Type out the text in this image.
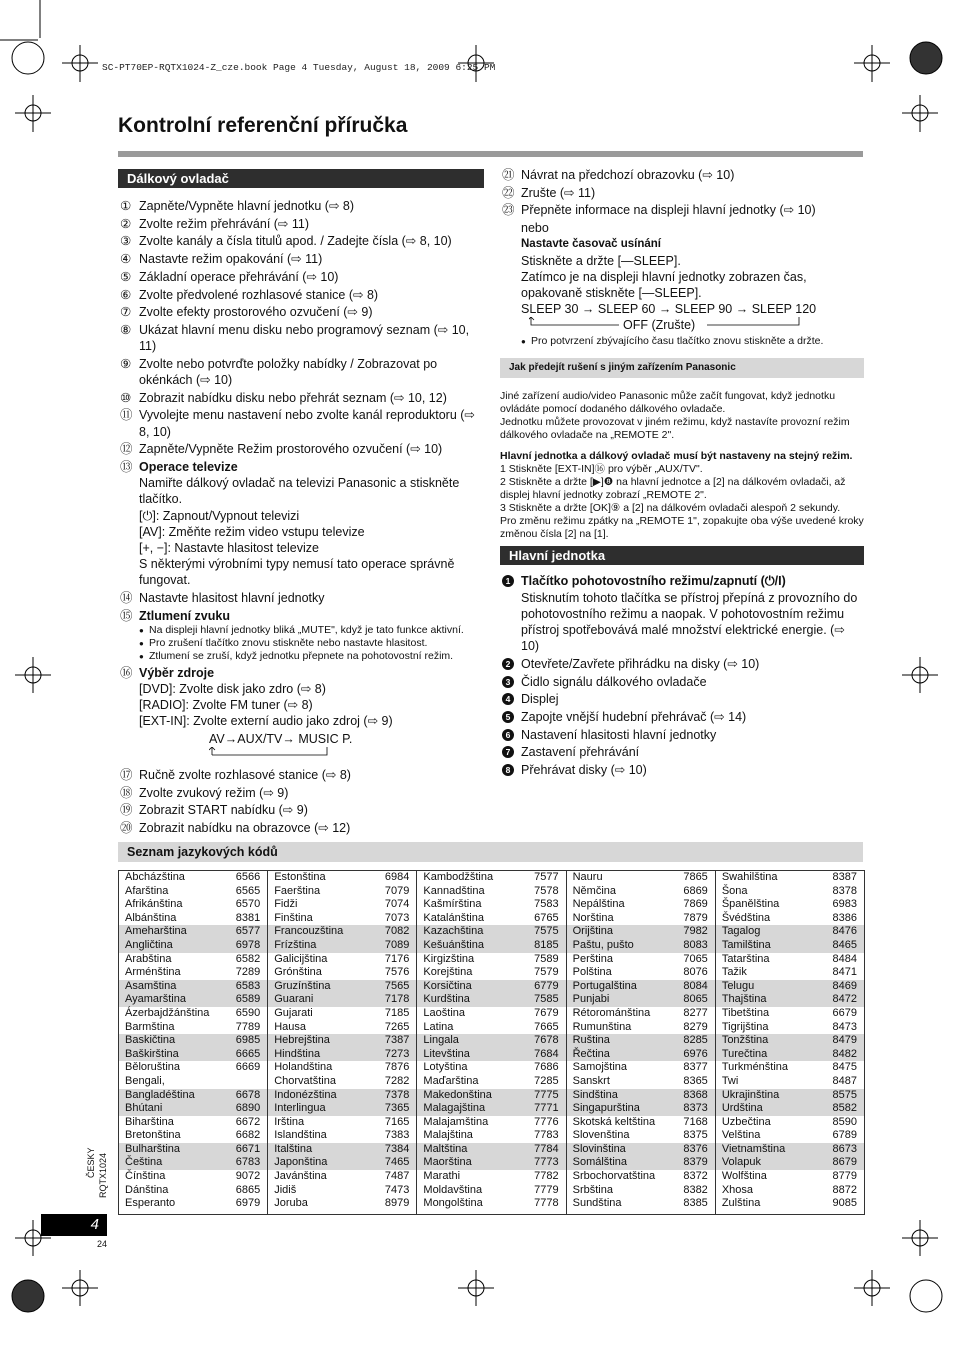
SC-PT70EP-RQTX1024-Z_cze.book Page 4 Tuesday, August 18, 2009 6:25 PM
Kontrolní referenční příručka
Dálkový ovladač
① Zapněte/Vypněte hlavní jednotku (⇨ 8)
② Zvolte režim přehrávání (⇨ 11)
③ Zvolte kanály a čísla titulů apod. / Zadejte čísla (⇨ 8, 10)
④ Nastavte režim opakování (⇨ 11)
⑤ Základní operace přehrávání (⇨ 10)
⑥ Zvolte předvolené rozhlasové stanice (⇨ 8)
⑦ Zvolte efekty prostorového ozvučení (⇨ 9)
⑧ Ukázat hlavní menu disku nebo programový seznam (⇨ 10, 11)
⑨ Zvolte nebo potvrďte položky nabídky / Zobrazovat po okénkách (⇨ 10)
⑩ Zobrazit nabídku disku nebo přehrát seznam (⇨ 10, 12)
⑪ Vyvolejte menu nastavení nebo zvolte kanál reproduktoru (⇨ 8, 10)
⑫ Zapněte/Vypněte Režim prostorového ozvučení (⇨ 10)
⑬ Operace televize
Namiřte dálkový ovladač na televizi Panasonic a stiskněte tlačítko.
[⏻]: Zapnout/Vypnout televizi
[AV]: Změňte režim video vstupu televize
[+, −]: Nastavte hlasitost televize
S některými výrobními typy nemusí tato operace správně fungovat.
⑭ Nastavte hlasitost hlavní jednotky
⑮ Ztlumení zvuku
● Na displeji hlavní jednotky bliká „MUTE", když je tato funkce aktivní.
● Pro zrušení tlačítko znovu stiskněte nebo nastavte hlasitost.
● Ztlumení se zruší, když jednotku přepnete na pohotovostní režim.
⑯ Výběr zdroje
[DVD]: Zvolte disk jako zdro (⇨ 8)
[RADIO]: Zvolte FM tuner (⇨ 8)
[EXT-IN]: Zvolte externí audio jako zdroj (⇨ 9)
AV→AUX/TV→ MUSIC P.
⑰ Ručně zvolte rozhlasové stanice (⇨ 8)
⑱ Zvolte zvukový režim (⇨ 9)
⑲ Zobrazit START nabídku (⇨ 9)
⑳ Zobrazit nabídku na obrazovce (⇨ 12)
㉑ Návrat na předchozí obrazovku (⇨ 10)
㉒ Zrušte (⇨ 11)
㉓ Přepněte informace na displeji hlavní jednotky (⇨ 10)
nebo
Nastavte časovač usínání
Stiskněte a držte [—SLEEP].
Zatímco je na displeji hlavní jednotky zobrazen čas, opakovaně stiskněte [—SLEEP].
SLEEP 30 → SLEEP 60 → SLEEP 90 → SLEEP 120
OFF (Zrušte)
● Pro potvrzení zbývajícího času tlačítko znovu stiskněte a držte.
Jak předejít rušení s jiným zařízením Panasonic

Jiné zařízení audio/video Panasonic může začít fungovat, když jednotku ovládáte pomocí dodaného dálkového ovladače.

Jednotku můžete provozovat v jiném režimu, když nastavíte provozní režim dálkového ovladače na „REMOTE 2".

Hlavní jednotka a dálkový ovladač musí být nastaveny na stejný režim.

1 Stiskněte [EXT-IN]⑯ pro výběr „AUX/TV".

2 Stiskněte a držte [▶]❽ na hlavní jednotce a [2] na dálkovém ovladači, až displej hlavní jednotky zobrazí „REMOTE 2".

3 Stiskněte a držte [OK]⑨ a [2] na dálkovém ovladači alespoň 2 sekundy.

Pro změnu režimu zpátky na „REMOTE 1", zopakujte oba výše uvedené kroky změnou čísla [2] na [1].

Hlavní jednotka
1 Tlačítko pohotovostního režimu/zapnutí (⏻/I)
Stisknutím tohoto tlačítka se přístroj přepíná z provozního do pohotovostního režimu a naopak. V pohotovostním režimu přístroj spotřebovává malé množství elektrické energie. (⇨ 10)
2 Otevřete/Zavřete přihrádku na disky (⇨ 10)
3 Čidlo signálu dálkového ovladače
4 Displej
5 Zapojte vnější hudební přehrávač (⇨ 14)
6 Nastavení hlasitosti hlavní jednotky
7 Zastavení přehrávání
8 Přehrávat disky (⇨ 10)
Seznam jazykových kódů
Abcházština	6566
Afarština	6565
Afrikánština	6570
Albánština	8381
Ameharština	6577
Angličtina	6978
Arabština	6582
Arménština	7289
Asamština	6583
Ayamarština	6589
Ázerbajdžánština 6590
Barmština	7789
Baskičtina	6985
Baškirština	6665
Běloruština	6669
Bengali,
Bangladéština	6678
Bhútani	6890
Biharština	6672
Bretonština	6682
Bulharština	6671
Čeština	6783
Čínština	9072
Dánština	6865
Esperanto	6979
Estonština	6984
Faerština	7079
Fidži	7074
Finština	7073
Francouzština	7082
Frízština	7089
Galicijština	7176
Grónština	7576
Gruzínština	7565
Guarani	7178
Gujarati	7185
Hausa	7265
Hebrejština	7387
Hindština	7273
Holandština	7876
Chorvatština	7282
Indonézština	7378
Interlingua	7365
Irština	7165
Islandština	7383
Italština	7384
Japonština	7465
Javánština	7487
Jidiš	7473
Joruba	8979
Kambodžština	7577
Kannadština	7578
Kašmírština	7583
Katalánština	6765
Kazachština	7575
Kešuánština	8185
Kirgizština	7589
Korejština	7579
Korsičtina	6779
Kurdština	7585
Laoština	7679
Latina	7665
Lingala	7678
Litevština	7684
Lotyština	7686
Maďarština	7285
Makedonština	7775
Malagajština	7771
Malajamština	7776
Malajština	7783
Maltština	7784
Maorština	7773
Marathi	7782
Moldavština	7779
Mongolština	7778
Nauru	7865
Němčina	6869
Nepálština	7869
Norština	7879
Orijština	7982
Paštu, pušto	8083
Perština	7065
Polština	8076
Portugalština	8084
Punjabi	8065
Rétorománština	8277
Rumunština	8279
Ruština	8285
Řečtina	6976
Samojština	8377
Sanskrt	8365
Sindština	8368
Singapurština	8373
Skotská keltština	7168
Slovenština	8375
Slovinština	8376
Somálština	8379
Srbochorvatština	8372
Srbština	8382
Sundština	8385
Swahilština	8387
Šona	8378
Španělština	6983
Švédština	8386
Tagalog	8476
Tamilština	8465
Tatarština	8484
Tažik	8471
Telugu	8469
Thajština	8472
Tibetština	6679
Tigrijština	8473
Tonžština	8479
Turečtina	8482
Turkménština	8475
Twi	8487
Ukrajinština	8575
Urdština	8582
Uzbečtina	8590
Velština	6789
Vietnamština	8673
Volapuk	8679
Wolfština	8779
Xhosa	8872
Zulština	9085
ČESKY RQTX1024
4
24
